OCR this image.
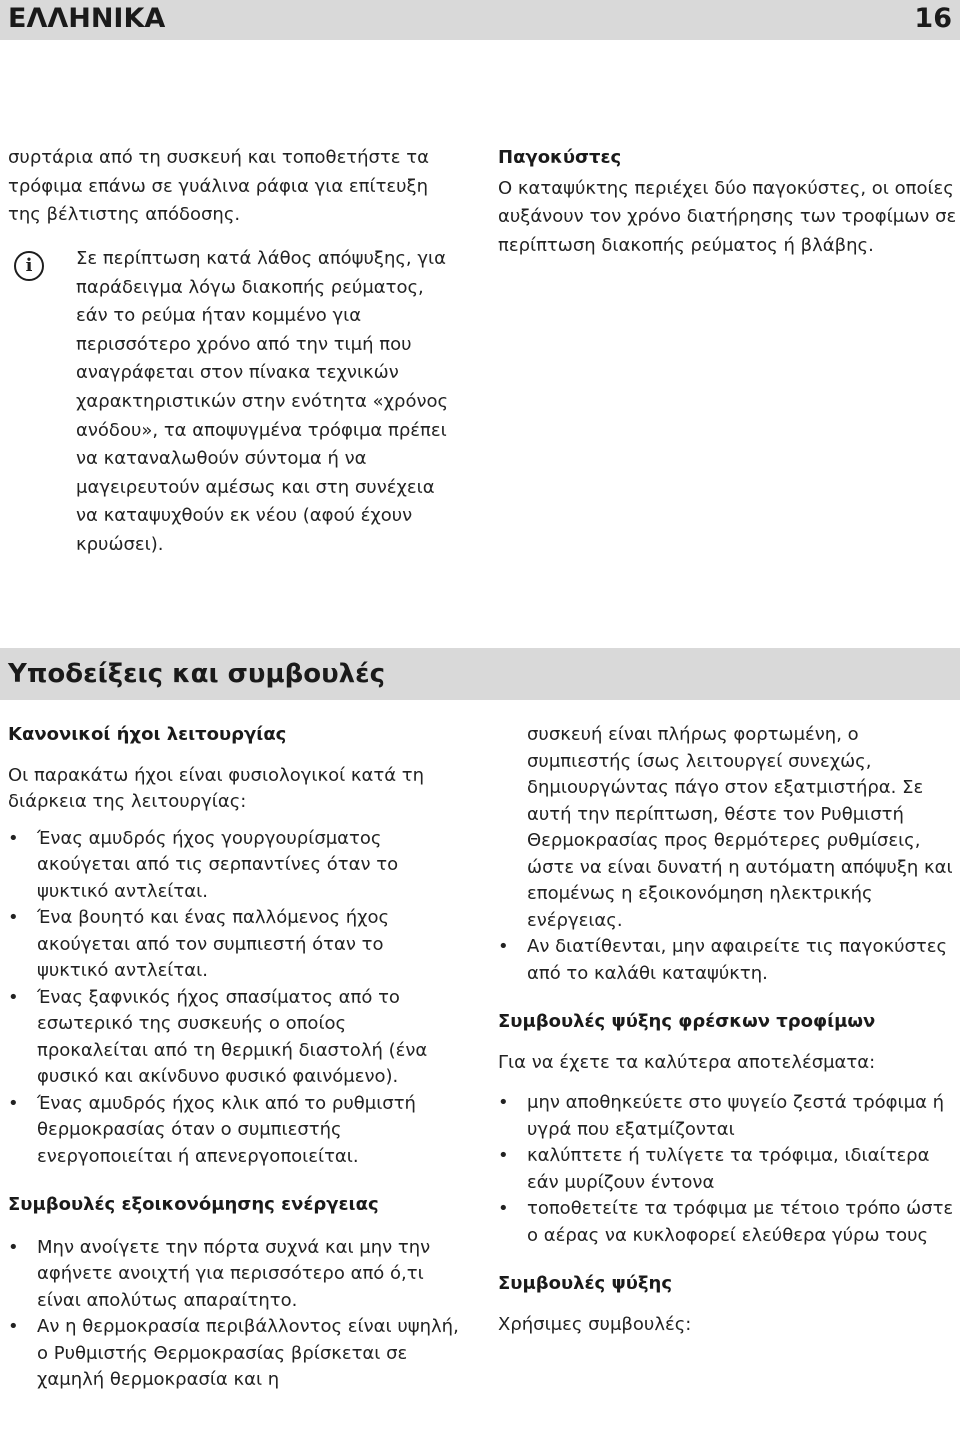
ΕΛΛΗΝΙΚΑ	16

συρτάρια από τη συσκευή και τοποθετήστε τα τρόφιμα επάνω σε γυάλινα ράφια για επίτευξη της βέλτιστης απόδοσης.

i	Σε περίπτωση κατά λάθος απόψυξης, για παράδειγμα λόγω διακοπής ρεύματος, εάν το ρεύμα ήταν κομμένο για περισσότερο χρόνο από την τιμή που αναγράφεται στον πίνακα τεχνικών χαρακτηριστικών στην ενότητα «χρόνος ανόδου», τα αποψυγμένα τρόφιμα πρέπει να καταναλωθούν σύντομα ή να μαγειρευτούν αμέσως και στη συνέχεια να καταψυχθούν εκ νέου (αφού έχουν κρυώσει).
Παγοκύστες

Ο καταψύκτης περιέχει δύο παγοκύστες, οι οποίες αυξάνουν τον χρόνο διατήρησης των τροφίμων σε περίπτωση διακοπής ρεύματος ή βλάβης.

Υποδείξεις και συμβουλές
Κανονικοί ήχοι λειτουργίας

Οι παρακάτω ήχοι είναι φυσιολογικοί κατά τη διάρκεια της λειτουργίας:

• Ένας αμυδρός ήχος γουργουρίσματος ακούγεται από τις σερπαντίνες όταν το ψυκτικό αντλείται.
• Ένα βουητό και ένας παλλόμενος ήχος ακούγεται από τον συμπιεστή όταν το ψυκτικό αντλείται.
• Ένας ξαφνικός ήχος σπασίματος από το εσωτερικό της συσκευής ο οποίος προκαλείται από τη θερμική διαστολή (ένα φυσικό και ακίνδυνο φυσικό φαινόμενο).
• Ένας αμυδρός ήχος κλικ από το ρυθμιστή θερμοκρασίας όταν ο συμπιεστής ενεργοποιείται ή απενεργοποιείται.
Συμβουλές εξοικονόμησης ενέργειας
• Μην ανοίγετε την πόρτα συχνά και μην την αφήνετε ανοιχτή για περισσότερο από ό,τι είναι απολύτως απαραίτητο.
• Αν η θερμοκρασία περιβάλλοντος είναι υψηλή, ο Ρυθμιστής Θερμοκρασίας βρίσκεται σε χαμηλή θερμοκρασία και η

συσκευή είναι πλήρως φορτωμένη, ο συμπιεστής ίσως λειτουργεί συνεχώς, δημιουργώντας πάγο στον εξατμιστήρα. Σε αυτή την περίπτωση, θέστε τον Ρυθμιστή Θερμοκρασίας προς θερμότερες ρυθμίσεις, ώστε να είναι δυνατή η αυτόματη απόψυξη και επομένως η εξοικονόμηση ηλεκτρικής ενέργειας.

• Αν διατίθενται, μην αφαιρείτε τις παγοκύστες από το καλάθι καταψύκτη.
Συμβουλές ψύξης φρέσκων τροφίμων

Για να έχετε τα καλύτερα αποτελέσματα:

• μην αποθηκεύετε στο ψυγείο ζεστά τρόφιμα ή υγρά που εξατμίζονται
• καλύπτετε ή τυλίγετε τα τρόφιμα, ιδιαίτερα εάν μυρίζουν έντονα
• τοποθετείτε τα τρόφιμα με τέτοιο τρόπο ώστε ο αέρας να κυκλοφορεί ελεύθερα γύρω τους
Συμβουλές ψύξης

Χρήσιμες συμβουλές:
